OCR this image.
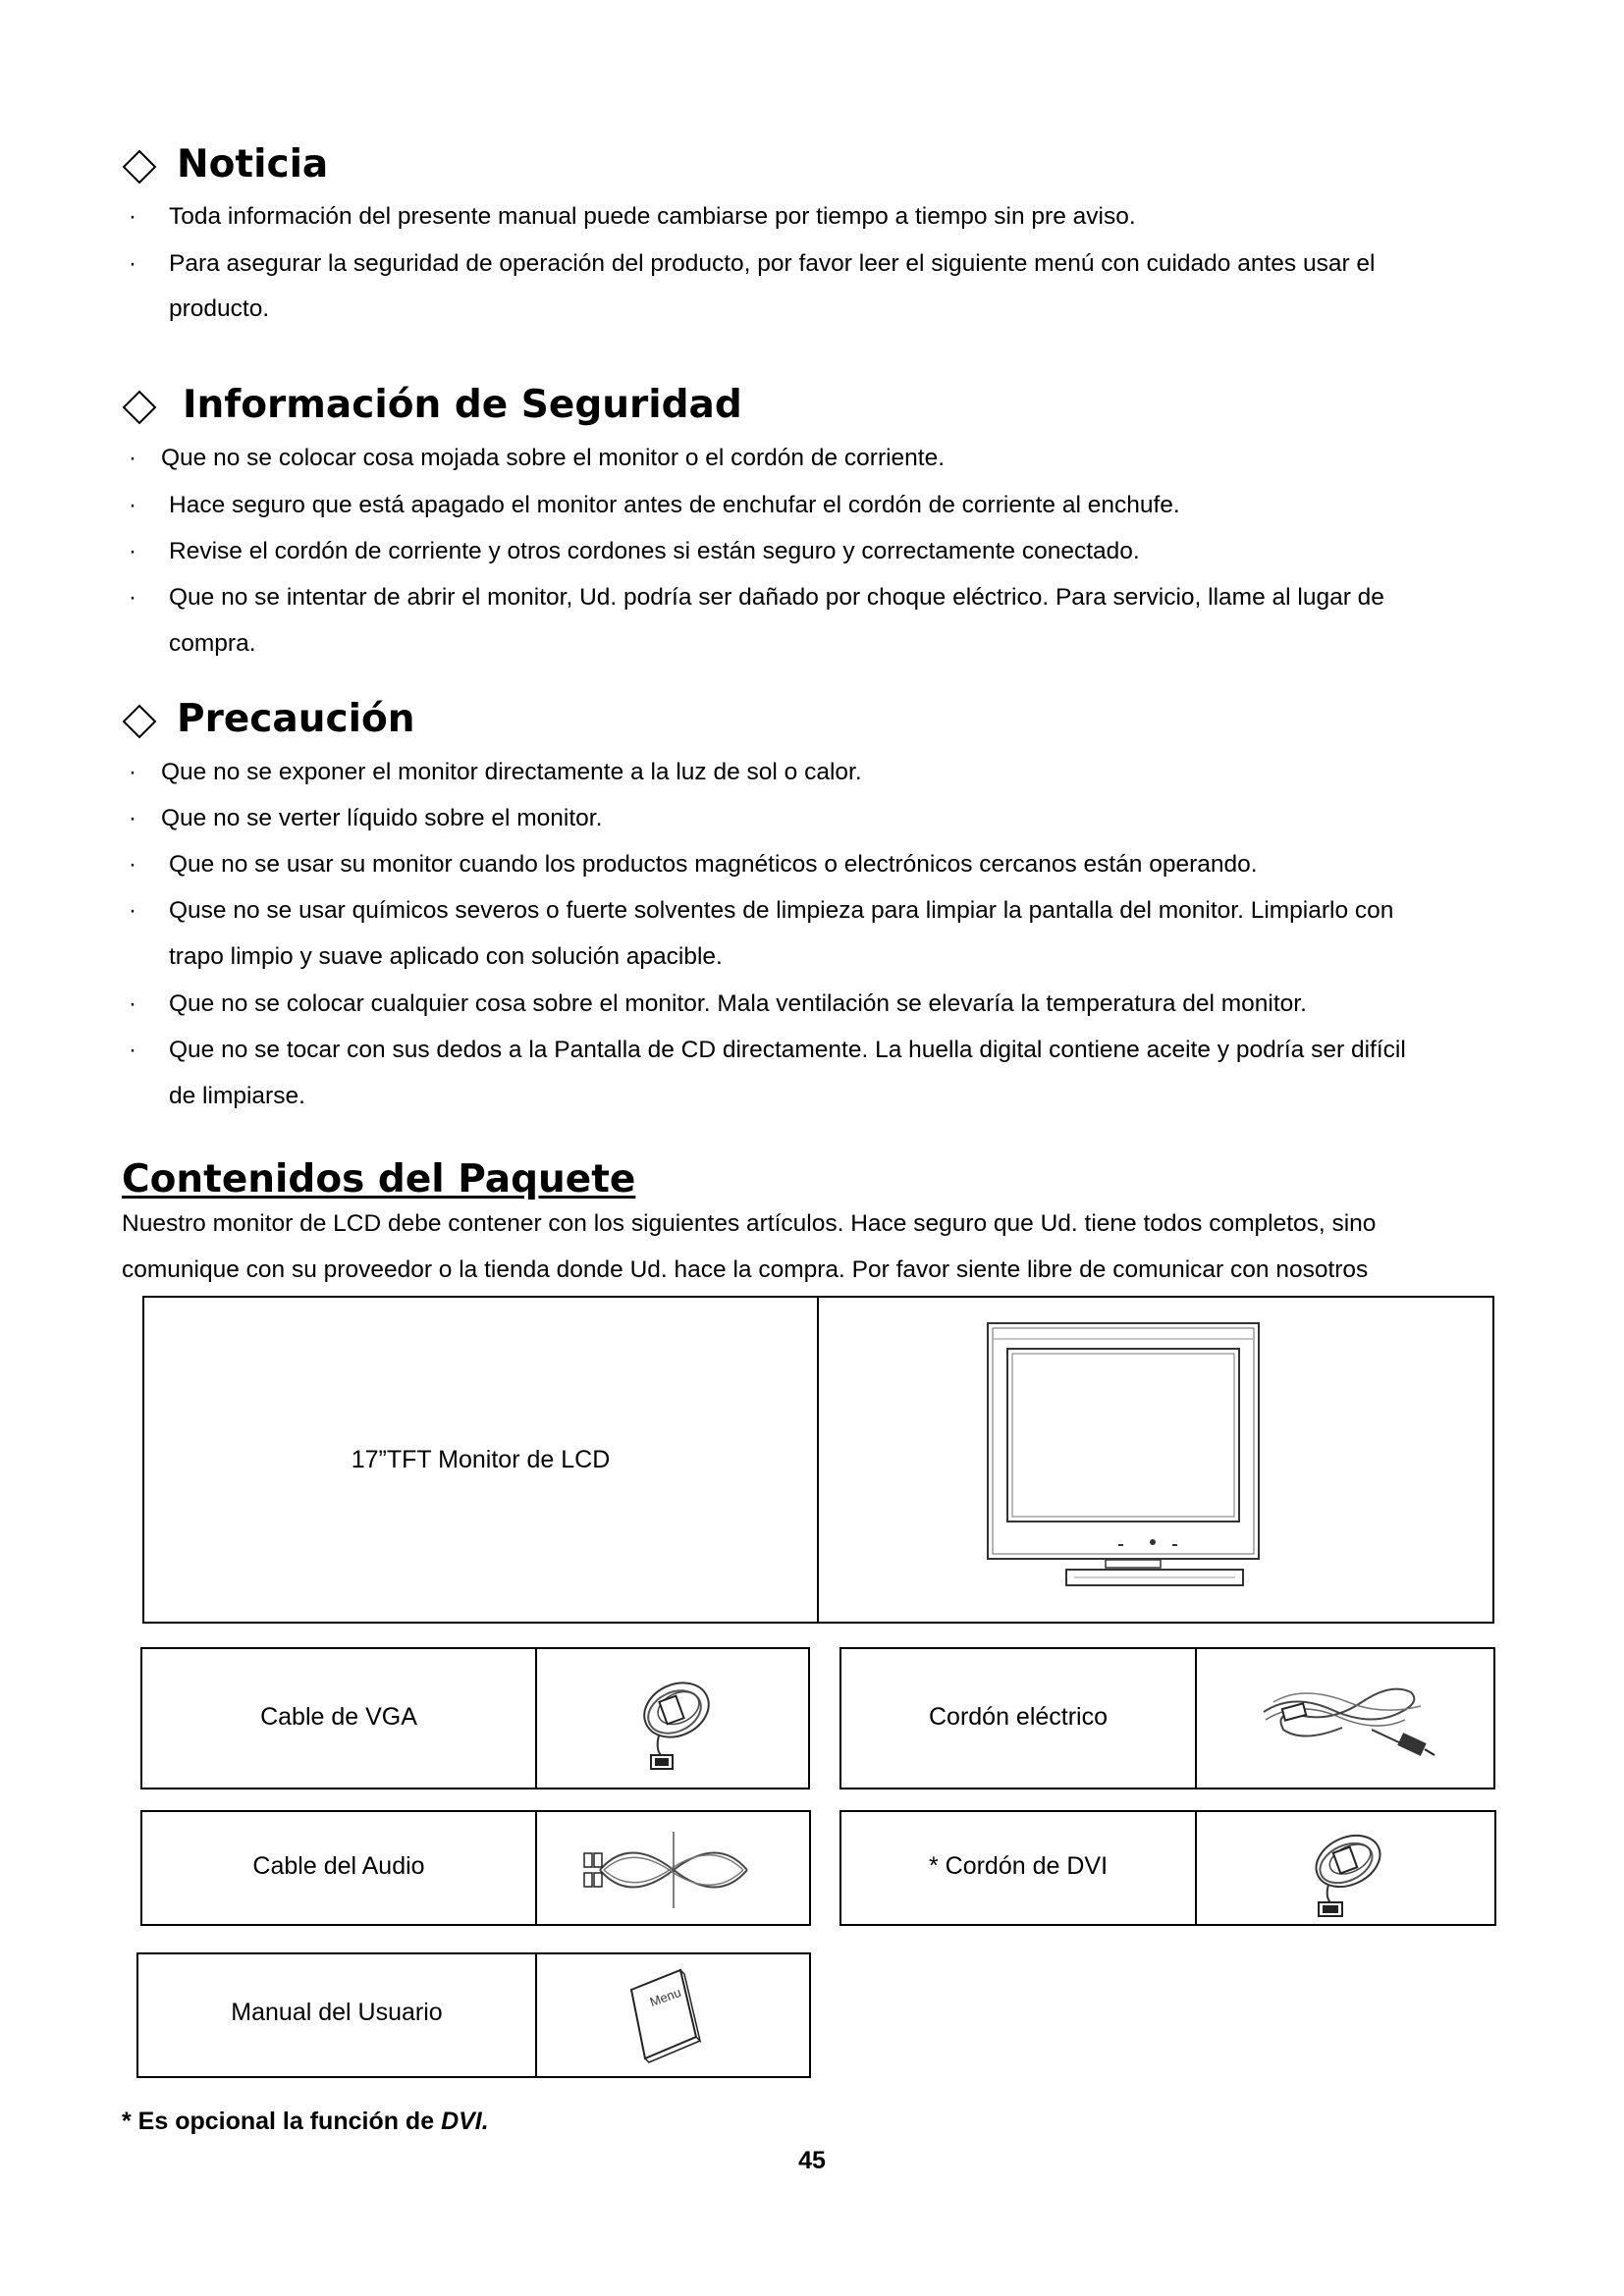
Noticia
· Toda información del presente manual puede cambiarse por tiempo a tiempo sin pre aviso.
· Para asegurar la seguridad de operación del producto, por favor leer el siguiente menú con cuidado antes usar el
producto.
Información de Seguridad
· Que no se colocar cosa mojada sobre el monitor o el cordón de corriente.
· Hace seguro que está apagado el monitor antes de enchufar el cordón de corriente al enchufe.
· Revise el cordón de corriente y otros cordones si están seguro y correctamente conectado.
· Que no se intentar de abrir el monitor, Ud. podría ser dañado por choque eléctrico. Para servicio, llame al lugar de
compra.
Precaución
· Que no se exponer el monitor directamente a la luz de sol o calor.
· Que no se verter líquido sobre el monitor.
· Que no se usar su monitor cuando los productos magnéticos o electrónicos cercanos están operando.
· Quse no se usar químicos severos o fuerte solventes de limpieza para limpiar la pantalla del monitor. Limpiarlo con
trapo limpio y suave aplicado con solución apacible.
· Que no se colocar cualquier cosa sobre el monitor. Mala ventilación se elevaría la temperatura del monitor.
· Que no se tocar con sus dedos a la Pantalla de CD directamente. La huella digital contiene aceite y podría ser difícil
de limpiarse.
Contenidos del Paquete
Nuestro monitor de LCD debe contener con los siguientes artículos. Hace seguro que Ud. tiene todos completos, sino
comunique con su proveedor o la tienda donde Ud. hace la compra. Por favor siente libre de comunicar con nosotros
17”TFT Monitor de LCD
Cable de VGA	Cordón eléctrico
Cable del Audio	* Cordón de DVI
Manual del Usuario
Menu
* Es opcional la función de DVI.
45
